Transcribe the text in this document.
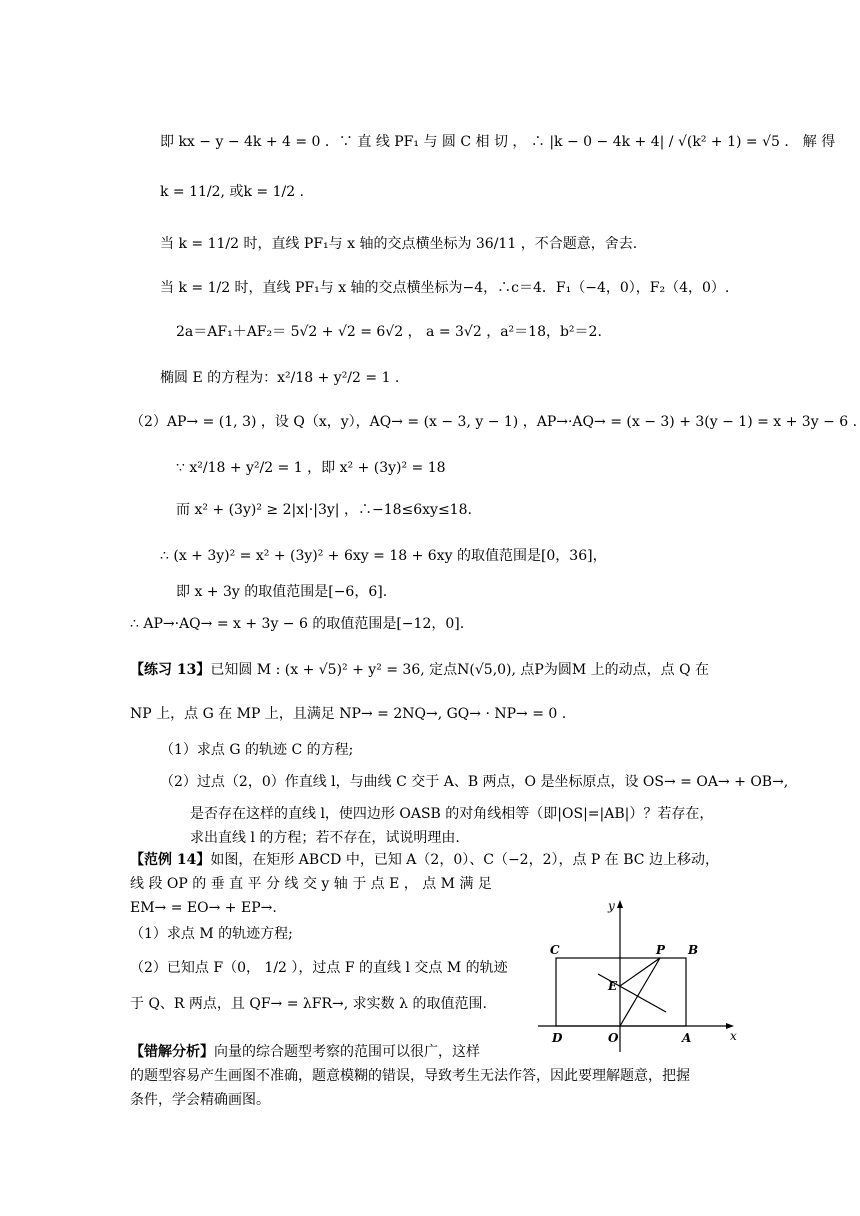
即 kx − y − 4k + 4 = 0 ．∵ 直 线 PF₁ 与 圆 C 相 切 ， ∴ |k − 0 − 4k + 4| / √(k² + 1) = √5 ． 解 得
k = 11/2, 或k = 1/2 .
当 k = 11/2 时，直线 PF₁与 x 轴的交点横坐标为 36/11 ，不合题意，舍去.
当 k = 1/2 时，直线 PF₁与 x 轴的交点横坐标为−4，∴c＝4．F₁（−4，0），F₂（4，0）.
2a＝AF₁＋AF₂＝ 5√2 + √2 = 6√2 ， a = 3√2 ，a²＝18，b²＝2.
椭圆 E 的方程为：x²/18 + y²/2 = 1 .
（2）AP→ = (1, 3) ，设 Q（x，y），AQ→ = (x − 3, y − 1) ，AP→·AQ→ = (x − 3) + 3(y − 1) = x + 3y − 6 .
∵ x²/18 + y²/2 = 1 ，即 x² + (3y)² = 18
而 x² + (3y)² ≥ 2|x|·|3y| ，∴−18≤6xy≤18.
∴ (x + 3y)² = x² + (3y)² + 6xy = 18 + 6xy 的取值范围是[0，36]，
即 x + 3y 的取值范围是[−6，6].
∴ AP→·AQ→ = x + 3y − 6 的取值范围是[−12，0].
【练习 13】已知圆 M : (x + √5)² + y² = 36, 定点N(√5,0), 点P为圆M 上的动点，点 Q 在
NP 上，点 G 在 MP 上，且满足 NP→ = 2NQ→, GQ→ · NP→ = 0 .
（1）求点 G 的轨迹 C 的方程;
（2）过点（2，0）作直线 l，与曲线 C 交于 A、B 两点，O 是坐标原点，设 OS→ = OA→ + OB→,
是否存在这样的直线 l，使四边形 OASB 的对角线相等（即|OS|=|AB|）？若存在，
求出直线 l 的方程；若不存在，试说明理由.
【范例 14】如图，在矩形 ABCD 中，已知 A（2，0）、C（−2，2），点 P 在 BC 边上移动，
线 段 OP 的 垂 直 平 分 线 交 y 轴 于 点 E ， 点 M 满 足
EM→ = EO→ + EP→.
（1）求点 M 的轨迹方程;
（2）已知点 F（0， 1/2 ），过点 F 的直线 l 交点 M 的轨迹
于 Q、R 两点，且 QF→ = λFR→, 求实数 λ 的取值范围.
【错解分析】向量的综合题型考察的范围可以很广，这样
的题型容易产生画图不准确，题意模糊的错误，导致考生无法作答，因此要理解题意，把握
条件，学会精确画图。
y
x
C	P B
E
D	O	A
